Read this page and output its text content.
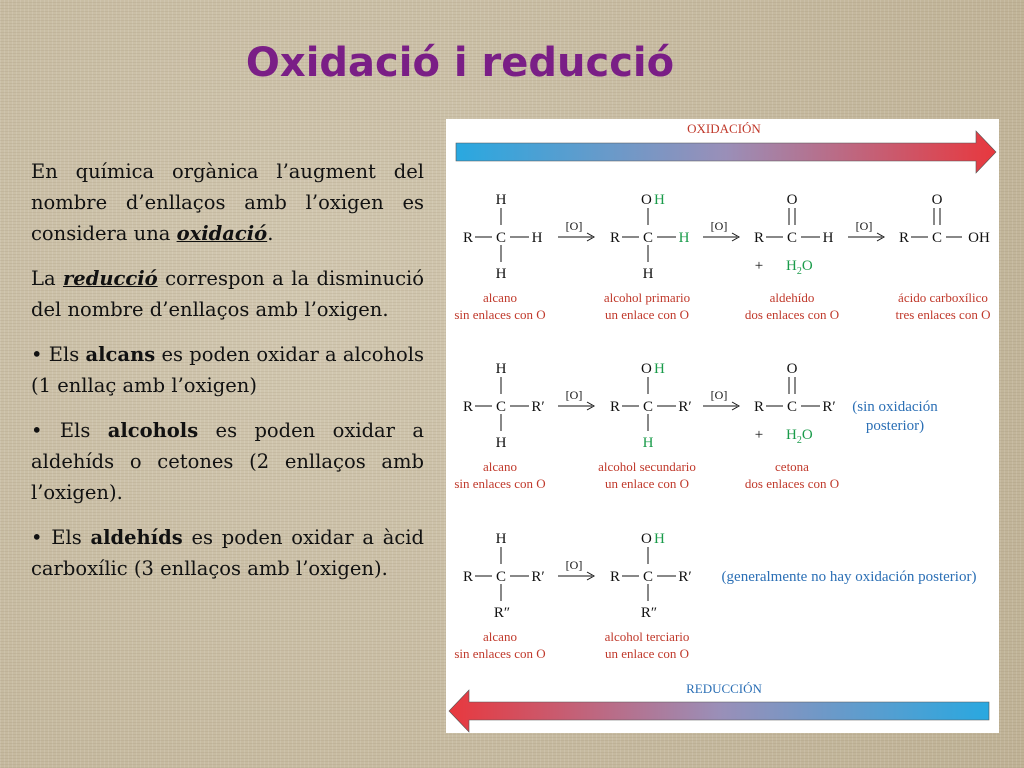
Oxidació i reducció

En química orgànica l’augment del nombre d’enllaços amb l’oxigen es considera una oxidació.

La reducció correspon a la disminució del nombre d’enllaços amb l’oxigen.

• Els alcans es poden oxidar a alcohols (1 enllaç amb l’oxigen)

• Els alcohols es poden oxidar a aldehíds o cetones (2 enllaços amb l’oxigen).

• Els aldehíds es poden oxidar a àcid carboxílic (3 enllaços amb l’oxigen).

OXIDACIÓN
REDUCCIÓN
H
C
R	H
H
[O]
O H
C
R	H
H
[O]
O
C
R	H
+ $H_2O$
[O]
O
C
R	OH
alcano
sin enlaces con O
alcohol primario
un enlace con O
aldehído
dos enlaces con O
ácido carboxílico
tres enlaces con O
H
C
R	R′
H
[O]
O H
C
R	R′
H
[O]
O
C
R	R′
+ $H_2O$
(sin oxidación
posterior)
alcano
sin enlaces con O
alcohol secundario
un enlace con O
cetona
dos enlaces con O
H
C
R	R′
R″
[O]
O H
C
R	R′
R″
(generalmente no hay oxidación posterior)
alcano
sin enlaces con O
alcohol terciario
un enlace con O
